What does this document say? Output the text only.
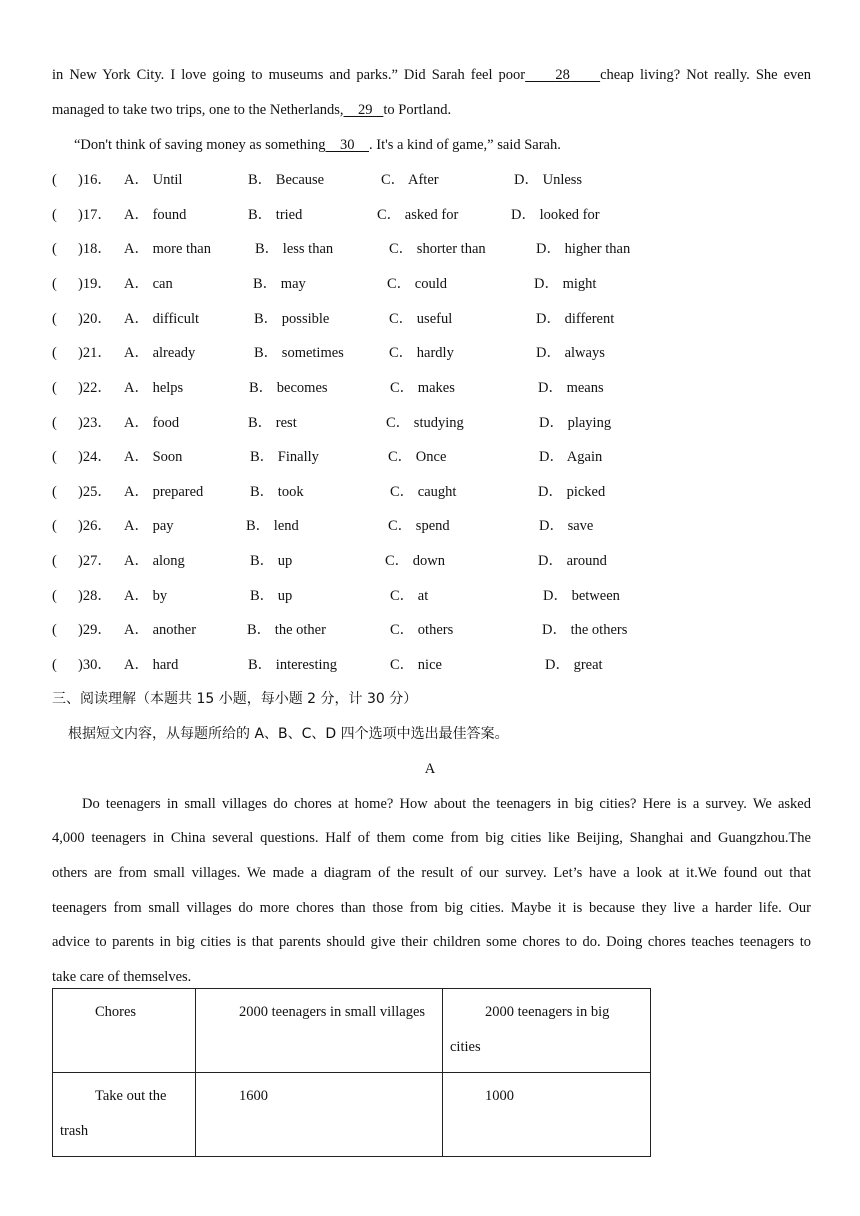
in New York City. I love going to museums and parks.” Did Sarah feel poor 28 cheap living? Not really. She even
managed to take two trips, one to the Netherlands, 29 to Portland.
“Don't think of saving money as something 30 . It's a kind of game,” said Sarah.
( )16． A． Until	B． Because	C． After	D． Unless
( )17． A． found	B． tried	C． asked for	D． looked for
( )18． A． more than	B． less than	C． shorter than	D． higher than
( )19． A． can	B． may	C． could	D． might
( )20． A． difficult	B． possible	C． useful	D． different
( )21． A． already	B． sometimes	C． hardly	D． always
( )22． A． helps	B． becomes	C． makes	D． means
( )23． A． food	B． rest	C． studying	D． playing
( )24． A． Soon	B． Finally	C． Once	D． Again
( )25． A． prepared	B． took	C． caught	D． picked
( )26． A． pay	B． lend	C． spend	D． save
( )27． A． along	B． up	C． down	D． around
( )28． A． by	B． up	C． at	D． between
( )29． A． another	B． the other	C． others	D． the others
( )30． A． hard	B． interesting	C． nice	D． great
三、阅读理解（本题共 15 小题，每小题 2 分，计 30 分）
根据短文内容，从每题所给的 A、B、C、D 四个选项中选出最佳答案。
A
Do teenagers in small villages do chores at home? How about the teenagers in big cities? Here is a survey. We asked
4,000 teenagers in China several questions. Half of them come from big cities like Beijing, Shanghai and Guangzhou.The
others are from small villages. We made a diagram of the result of our survey. Let’s have a look at it.We found out that
teenagers from small villages do more chores than those from big cities. Maybe it is because they live a harder life. Our
advice to parents in big cities is that parents should give their children some chores to do. Doing chores teaches teenagers to
take care of themselves.
Chores	2000 teenagers in small villages	2000 teenagers in big cities

Take out the trash	1600	1000
